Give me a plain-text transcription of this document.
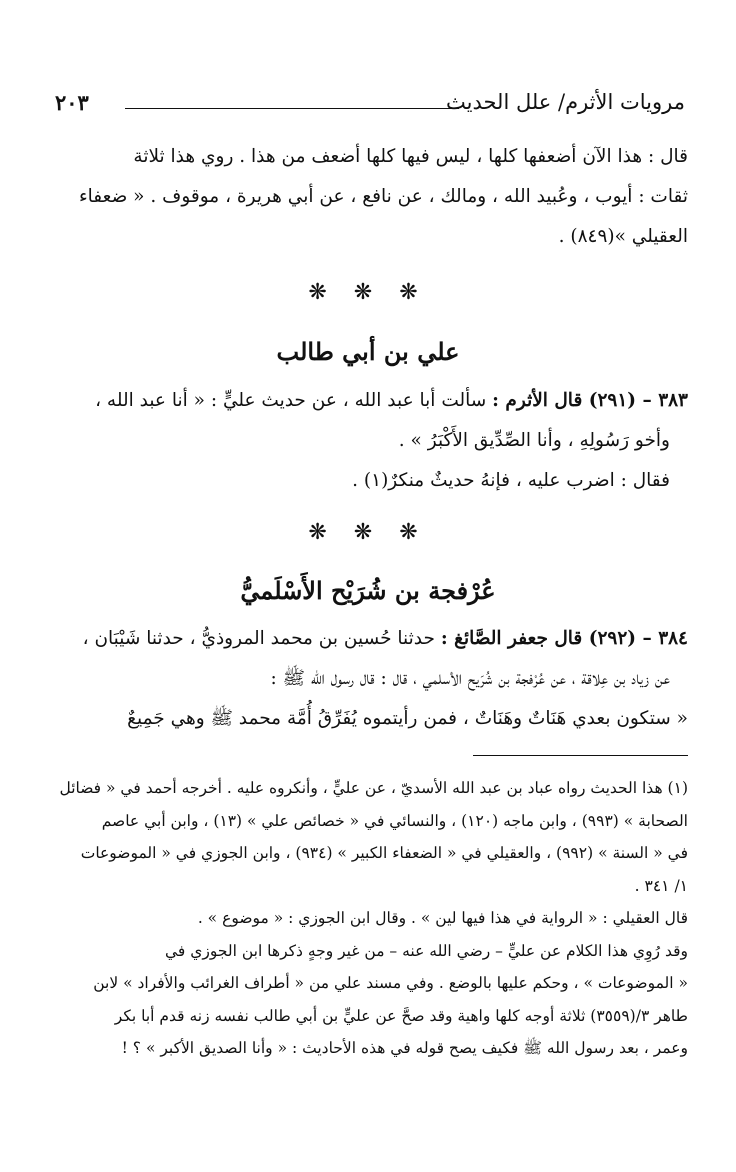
مرويات الأثرم/ علل الحديث
٢٠٣
قال : هذا الآن أضعفها كلها ، ليس فيها كلها أضعف من هذا . روي هذا ثلاثة
ثقات : أيوب ، وعُبيد الله ، ومالك ، عن نافع ، عن أبي هريرة ، موقوف . « ضعفاء
العقيلي »(٨٤٩) .
❋ ❋ ❋
علي بن أبي طالب
٣٨٣ – (٢٩١) قال الأثرم : سألت أبا عبد الله ، عن حديث عليٍّ : « أنا عبد الله ،
وأخو رَسُولِهِ ، وأنا الصِّدِّيق الأَكْبَرُ » .
فقال : اضرب عليه ، فإنهُ حديثٌ منكرٌ(١) .
❋ ❋ ❋
عُرْفجة بن شُرَيْح الأَسْلَميُّ
٣٨٤ – (٢٩٢) قال جعفر الصَّائغ : حدثنا حُسين بن محمد المروذيُّ ، حدثنا شَيْبَان ،
عن زياد بن عِلاقة ، عن عُرْفجة بن شُرَيح الأسلمي ، قال : قال رسول الله ﷺ :
« ستكون بعدي هَنَاتٌ وهَنَاتٌ ، فمن رأيتموه يُفَرِّقُ أُمَّة محمد ﷺ وهي جَمِيعٌ
(١) هذا الحديث رواه عباد بن عبد الله الأسديّ ، عن عليٍّ ، وأنكروه عليه . أخرجه أحمد في « فضائل
الصحابة » (٩٩٣) ، وابن ماجه (١٢٠) ، والنسائي في « خصائص علي » (١٣) ، وابن أبي عاصم
في « السنة » (٩٩٢) ، والعقيلي في « الضعفاء الكبير » (٩٣٤) ، وابن الجوزي في « الموضوعات
١/ ٣٤١ .
قال العقيلي : « الرواية في هذا فيها لين » . وقال ابن الجوزي : « موضوع » .
وقد رُوِي هذا الكلام عن عليٍّ – رضي الله عنه – من غير وجهٍ ذكرها ابن الجوزي في
« الموضوعات » ، وحكم عليها بالوضع . وفي مسند علي من « أطراف الغرائب والأفراد » لابن
طاهر ٣/(٣٥٥٩) ثلاثة أوجه كلها واهية وقد صحَّ عن عليٍّ بن أبي طالب نفسه زنه قدم أبا بكر
وعمر ، بعد رسول الله ﷺ فكيف يصح قوله في هذه الأحاديث : « وأنا الصديق الأكبر » ؟ !
